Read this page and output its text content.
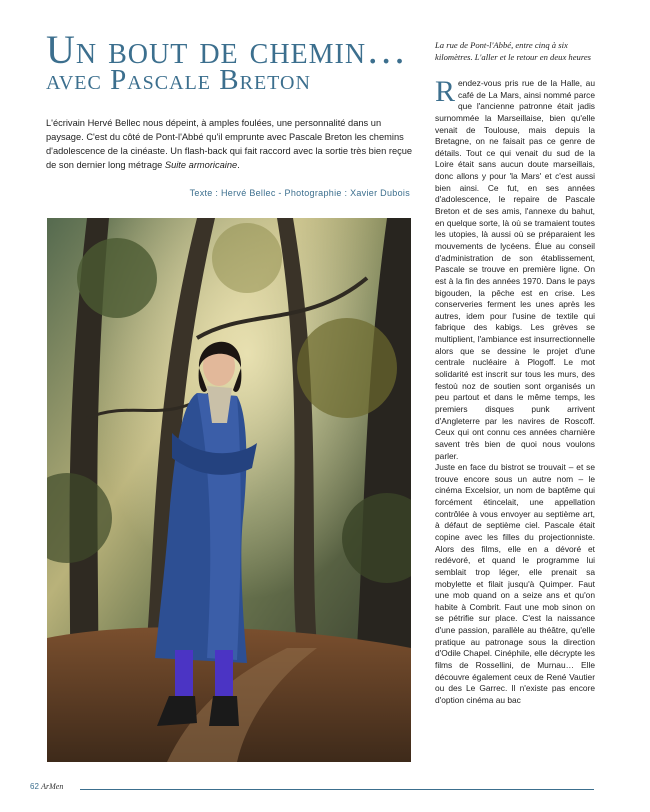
Un bout de chemin…
avec Pascale Breton
L'écrivain Hervé Bellec nous dépeint, à amples foulées, une personnalité dans un paysage. C'est du côté de Pont-l'Abbé qu'il emprunte avec Pascale Breton les chemins d'adolescence de la cinéaste. Un flash-back qui fait raccord avec la sortie très bien reçue de son dernier long métrage Suite armoricaine.
Texte : Hervé Bellec - Photographie : Xavier Dubois
La rue de Pont-l'Abbé, entre cinq à six kilomètres. L'aller et le retour en deux heures

Rendez-vous pris rue de la Halle, au café de La Mars, ainsi nommé parce que l'ancienne patronne était jadis surnommée la Marseillaise, bien qu'elle venait de Toulouse, mais depuis la Bretagne, on ne faisait pas ce genre de détails. Tout ce qui venait du sud de la Loire était sans aucun doute marseillais, donc allons y pour 'la Mars' et c'est aussi bien ainsi. Ce fut, en ses années d'adolescence, le repaire de Pascale Breton et de ses amis, l'annexe du bahut, en quelque sorte, là où se tramaient toutes les utopies, là aussi où se préparaient les mouvements de lycéens. Élue au conseil d'administration de son établissement, Pascale se trouve en première ligne. On est à la fin des années 1970. Dans le pays bigouden, la pêche est en crise. Les conserveries ferment les unes après les autres, idem pour l'usine de textile qui fabrique des kabigs. Les grèves se multiplient, l'ambiance est insurrectionnelle alors que se dessine le projet d'une centrale nucléaire à Plogoff. Le mot solidarité est inscrit sur tous les murs, des festoù noz de soutien sont organisés un peu partout et dans le même temps, les premiers disques punk arrivent d'Angleterre par les navires de Roscoff. Ceux qui ont connu ces années charnière savent très bien de quoi nous voulons parler.

Juste en face du bistrot se trouvait – et se trouve encore sous un autre nom – le cinéma Excelsior, un nom de baptême qui forcément étincelait, une appellation contrôlée à vous envoyer au septième art, à défaut de septième ciel. Pascale était copine avec les filles du projectionniste. Alors des films, elle en a dévoré et redévoré, et quand le programme lui semblait trop léger, elle prenait sa mobylette et filait jusqu'à Quimper. Faut une mob quand on a seize ans et qu'on habite à Combrit. Faut une mob sinon on se pétrifie sur place. C'est la naissance d'une passion, parallèle au théâtre, qu'elle pratique au patronage sous la direction d'Odile Chapel. Cinéphile, elle décrypte les films de Rossellini, de Murnau… Elle découvre également ceux de René Vautier ou des Le Garrec. Il n'existe pas encore d'option cinéma au bac

62 ArMen
